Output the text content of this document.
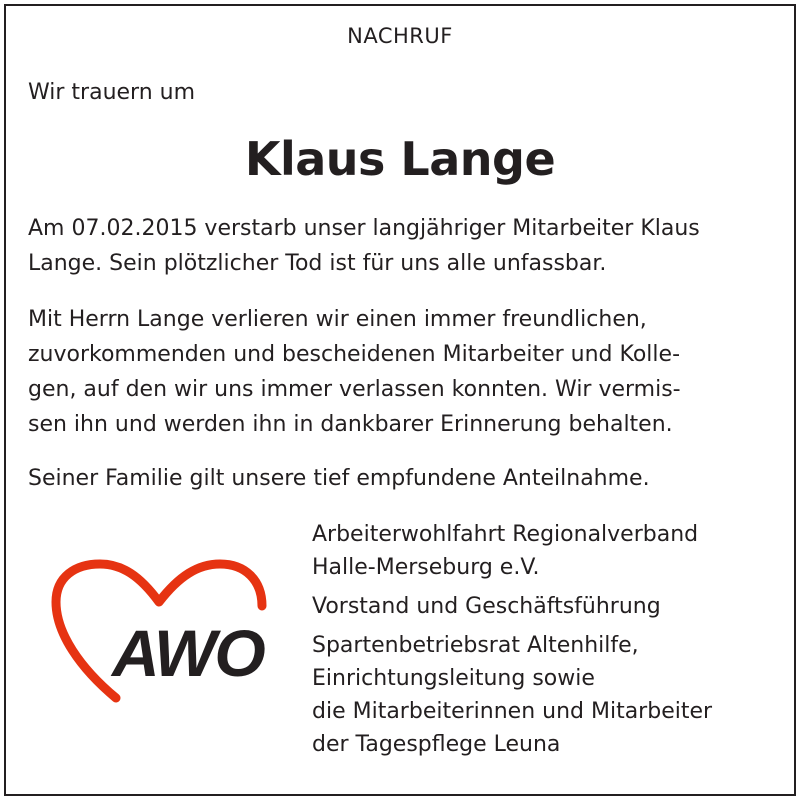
NACHRUF
Wir trauern um
Klaus Lange

Am 07.02.2015 verstarb unser langjähriger Mitarbeiter Klaus
Lange. Sein plötzlicher Tod ist für uns alle unfassbar.

Mit Herrn Lange verlieren wir einen immer freundlichen,
zuvorkommenden und bescheidenen Mitarbeiter und Kolle-
gen, auf den wir uns immer verlassen konnten. Wir vermis-
sen ihn und werden ihn in dankbarer Erinnerung behalten.

Seiner Familie gilt unsere tief empfundene Anteilnahme.

AWO
Arbeiterwohlfahrt Regionalverband
Halle-Merseburg e.V.
Vorstand und Geschäftsführung
Spartenbetriebsrat Altenhilfe,
Einrichtungsleitung sowie
die Mitarbeiterinnen und Mitarbeiter
der Tagespflege Leuna
